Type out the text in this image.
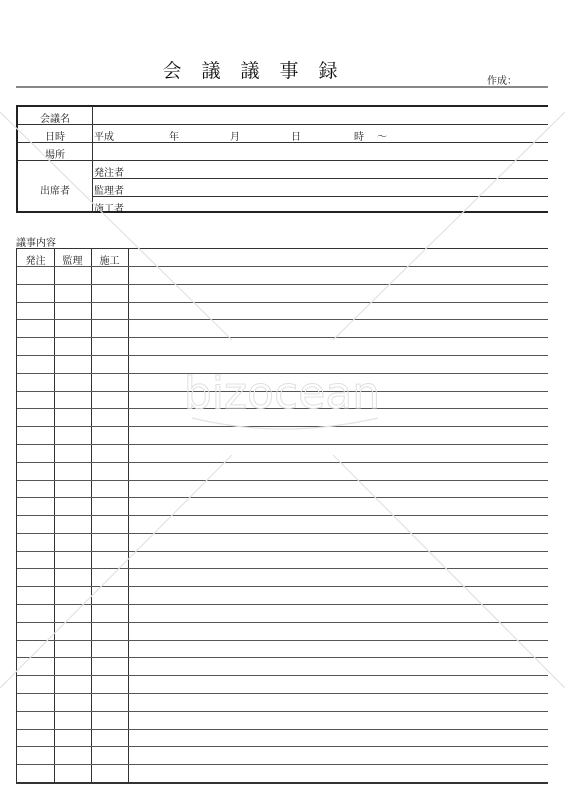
会議議事録	作成：
会議名
日時	平成	年	月	日	時 ～
場所
出席者
発注者
監理者
施工者
議事内容
発注	監理	施工
bizocean
